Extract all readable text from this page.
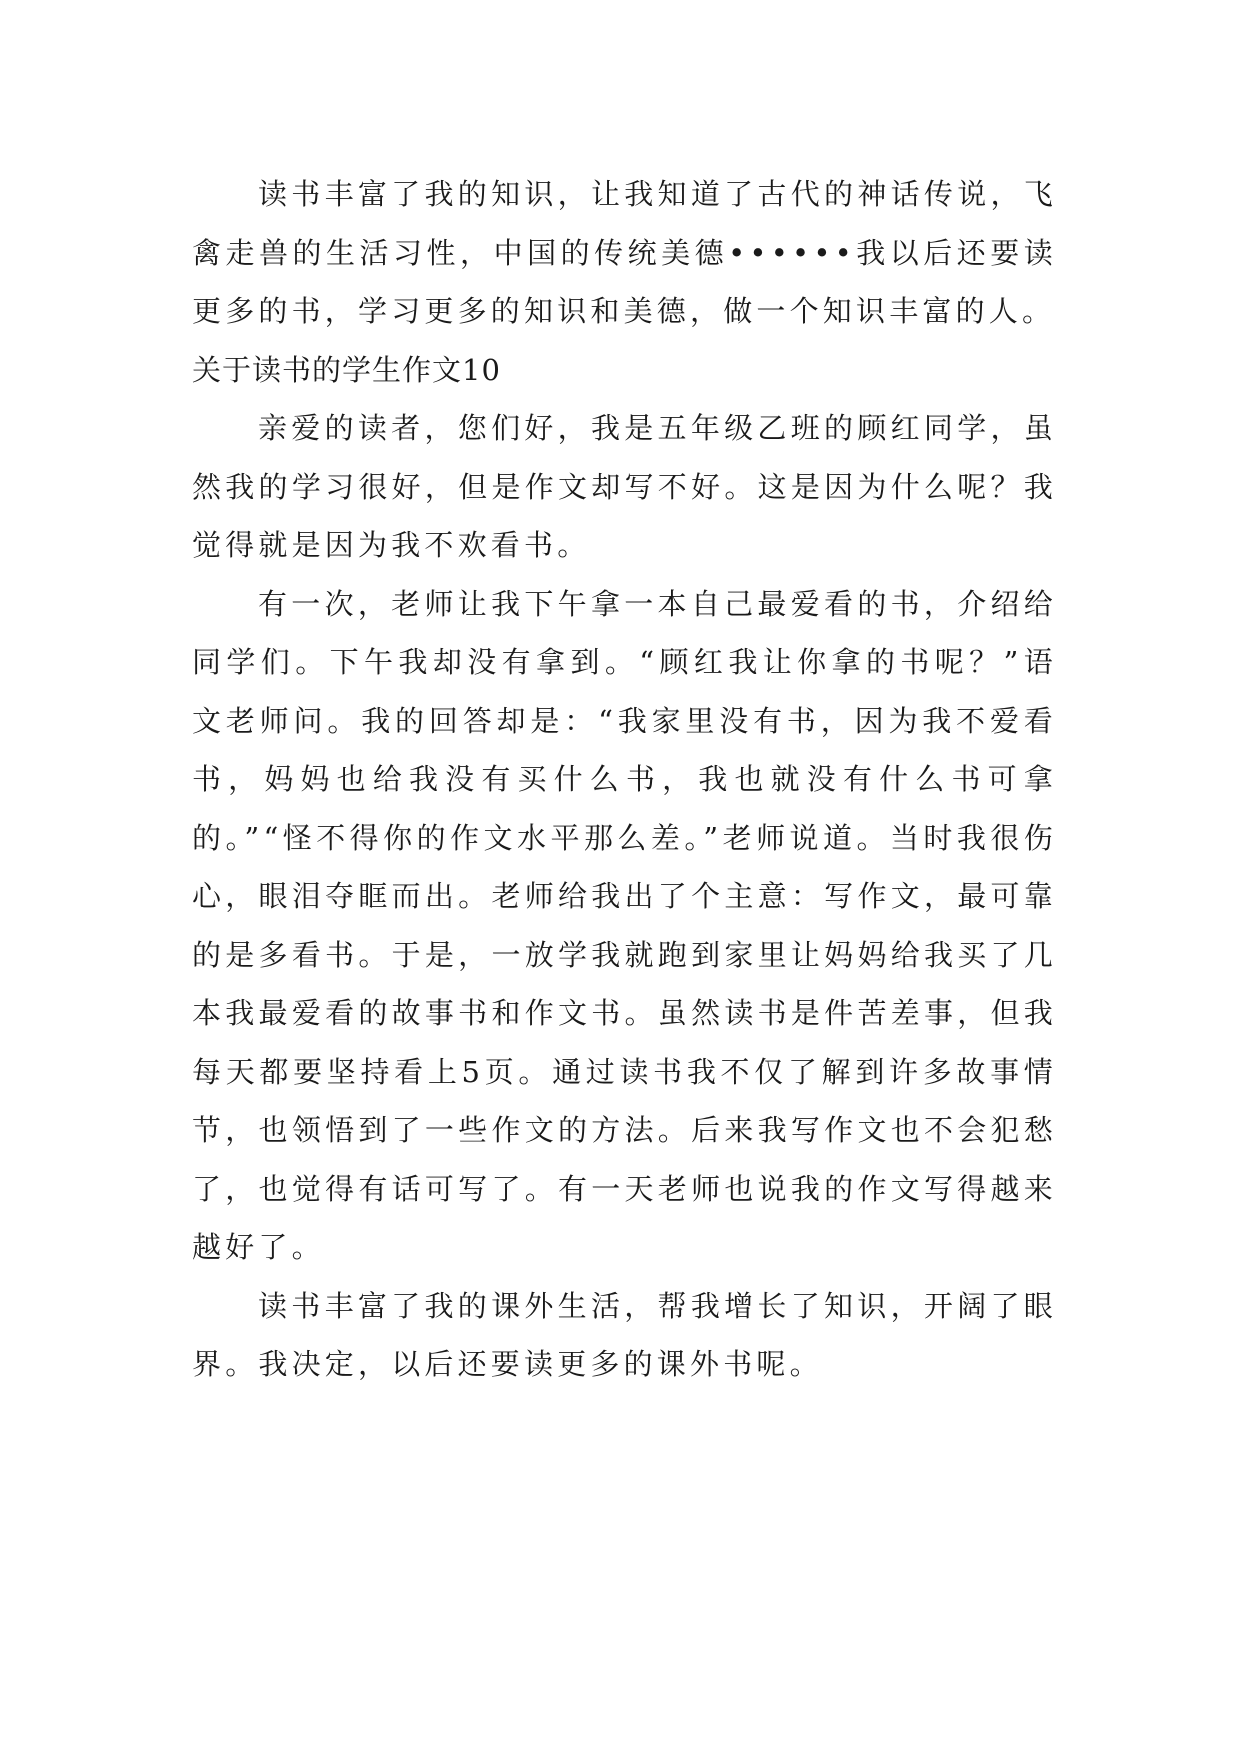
读书丰富了我的知识，让我知道了古代的神话传说，飞禽走兽的生活习性，中国的传统美德••••••我以后还要读更多的书，学习更多的知识和美德，做一个知识丰富的人。

关于读书的学生作文10

亲爱的读者，您们好，我是五年级乙班的顾红同学，虽然我的学习很好，但是作文却写不好。这是因为什么呢？我觉得就是因为我不欢看书。

有一次，老师让我下午拿一本自己最爱看的书，介绍给同学们。下午我却没有拿到。“顾红我让你拿的书呢？”语文老师问。我的回答却是：“我家里没有书，因为我不爱看书，妈妈也给我没有买什么书，我也就没有什么书可拿的。”“怪不得你的作文水平那么差。”老师说道。当时我很伤心，眼泪夺眶而出。老师给我出了个主意：写作文，最可靠的是多看书。于是，一放学我就跑到家里让妈妈给我买了几本我最爱看的故事书和作文书。虽然读书是件苦差事，但我每天都要坚持看上5页。通过读书我不仅了解到许多故事情节，也领悟到了一些作文的方法。后来我写作文也不会犯愁了，也觉得有话可写了。有一天老师也说我的作文写得越来越好了。

读书丰富了我的课外生活，帮我增长了知识，开阔了眼界。我决定，以后还要读更多的课外书呢。
